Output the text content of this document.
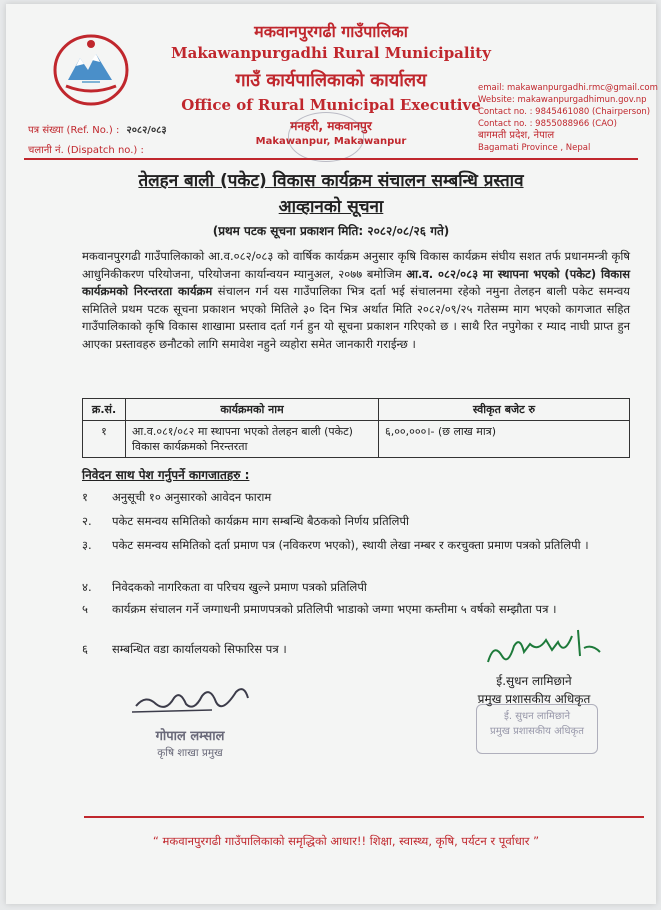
मकवानपुरगढी गाउँपालिका
Makawanpurgadhi Rural Municipality
गाउँ कार्यपालिकाको कार्यालय
Office of Rural Municipal Executive
मनहरी, मकवानपुर
Makawanpur, Makawanpur
पत्र संख्या (Ref. No.) : २०८२/०८३
चलानी नं. (Dispatch no.) :
email: makawanpurgadhi.rmc@gmail.com
Website: makawanpurgadhimun.gov.np
Contact no. : 9845461080 (Chairperson)
Contact no. : 9855088966 (CAO)
बागमती प्रदेश, नेपाल
Bagamati Province , Nepal
तेलहन बाली (पकेट) विकास कार्यक्रम संचालन सम्बन्धि प्रस्ताव
आव्हानको सूचना
(प्रथम पटक सूचना प्रकाशन मिति: २०८२/०८/२६ गते)
मकवानपुरगढी गाउँपालिकाको आ.व.०८२/०८३ को वार्षिक कार्यक्रम अनुसार कृषि विकास कार्यक्रम संघीय सशत तर्फ प्रधानमन्त्री कृषि आधुनिकीकरण परियोजना, परियोजना कार्यान्वयन म्यानुअल, २०७७ बमोजिम आ.व. ०८२/०८३ मा स्थापना भएको (पकेट) विकास कार्यक्रमको निरन्तरता कार्यक्रम संचालन गर्न यस गाउँपालिका भित्र दर्ता भई संचालनमा रहेको नमुना तेलहन बाली पकेट समन्वय समितिले प्रथम पटक सूचना प्रकाशन भएको मितिले ३० दिन भित्र अर्थात मिति २०८२/०९/२५ गतेसम्म माग भएको कागजात सहित गाउँपालिकाको कृषि विकास शाखामा प्रस्ताव दर्ता गर्न हुन यो सूचना प्रकाशन गरिएको छ । साथै रित नपुगेका र म्याद नाघी प्राप्त हुन आएका प्रस्तावहरु छनौटको लागि समावेश नहुने व्यहोरा समेत जानकारी गराईन्छ ।
क्र.सं.	कार्यक्रमको नाम	स्वीकृत बजेट रु
१	आ.व.०८१/०८२ मा स्थापना भएको तेलहन बाली (पकेट) विकास कार्यक्रमको निरन्तरता	६,००,०००।- (छ लाख मात्र)
निवेदन साथ पेश गर्नुपर्ने कागजातहरु :
१ अनुसूची १० अनुसारको आवेदन फाराम
२. पकेट समन्वय समितिको कार्यक्रम माग सम्बन्धि बैठकको निर्णय प्रतिलिपी
३. पकेट समन्वय समितिको दर्ता प्रमाण पत्र (नविकरण भएको), स्थायी लेखा नम्बर र करचुक्ता प्रमाण पत्रको प्रतिलिपी ।
४. निवेदकको नागरिकता वा परिचय खुल्ने प्रमाण पत्रको प्रतिलिपी
५ कार्यक्रम संचालन गर्ने जग्गाधनी प्रमाणपत्रको प्रतिलिपी भाडाको जग्गा भएमा कम्तीमा ५ वर्षको सम्झौता पत्र ।
६ सम्बन्धित वडा कार्यालयको सिफारिस पत्र ।
ई.सुधन लामिछाने
प्रमुख प्रशासकीय अधिकृत
ई. सुधन लामिछाने
प्रमुख प्रशासकीय अधिकृत
गोपाल लम्साल
कृषि शाखा प्रमुख
“ मकवानपुरगढी गाउँपालिकाको समृद्धिको आधार!! शिक्षा, स्वास्थ्य, कृषि, पर्यटन र पूर्वाधार ”
